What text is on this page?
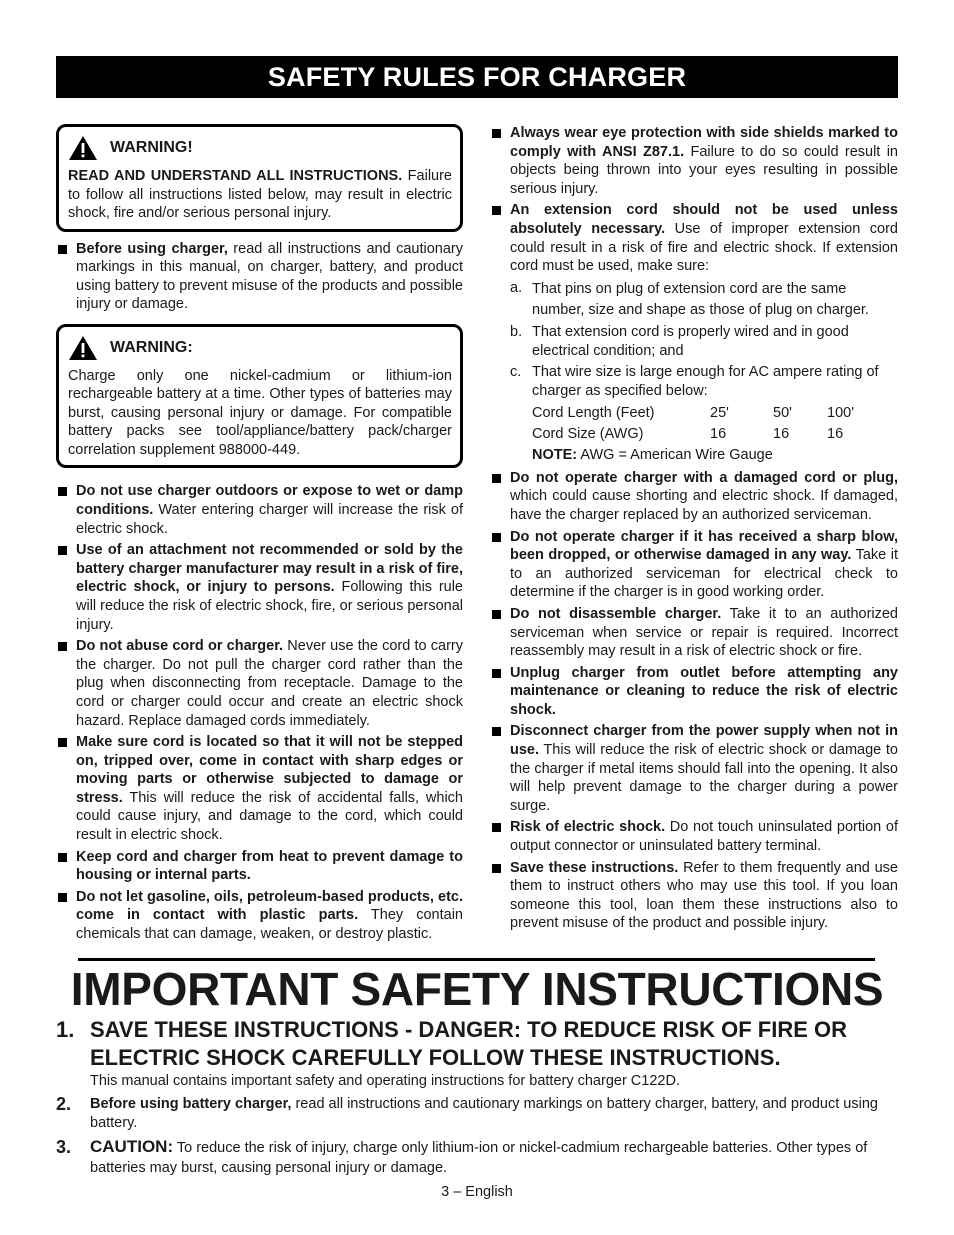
SAFETY RULES FOR CHARGER
WARNING!
READ AND UNDERSTAND ALL INSTRUCTIONS. Failure to follow all instructions listed below, may result in electric shock, fire and/or serious personal injury.
Before using charger, read all instructions and cautionary markings in this manual, on charger, battery, and product using battery to prevent misuse of the products and possible injury or damage.
WARNING:
Charge only one nickel-cadmium or lithium-ion rechargeable battery at a time. Other types of batteries may burst, causing personal injury or damage. For compatible battery packs see tool/appliance/battery pack/charger correlation supplement 988000-449.
Do not use charger outdoors or expose to wet or damp conditions. Water entering charger will increase the risk of electric shock.
Use of an attachment not recommended or sold by the battery charger manufacturer may result in a risk of fire, electric shock, or injury to persons. Following this rule will reduce the risk of electric shock, fire, or serious personal injury.
Do not abuse cord or charger. Never use the cord to carry the charger. Do not pull the charger cord rather than the plug when disconnecting from receptacle. Damage to the cord or charger could occur and create an electric shock hazard. Replace damaged cords immediately.
Make sure cord is located so that it will not be stepped on, tripped over, come in contact with sharp edges or moving parts or otherwise subjected to damage or stress. This will reduce the risk of accidental falls, which could cause injury, and damage to the cord, which could result in electric shock.
Keep cord and charger from heat to prevent damage to housing or internal parts.
Do not let gasoline, oils, petroleum-based products, etc. come in contact with plastic parts. They contain chemicals that can damage, weaken, or destroy plastic.
Always wear eye protection with side shields marked to comply with ANSI Z87.1. Failure to do so could result in objects being thrown into your eyes resulting in possible serious injury.
An extension cord should not be used unless absolutely necessary. Use of improper extension cord could result in a risk of fire and electric shock. If extension cord must be used, make sure:
a. That pins on plug of extension cord are the same number, size and shape as those of plug on charger.
b. That extension cord is properly wired and in good electrical condition; and
c. That wire size is large enough for AC ampere rating of charger as specified below:
Cord Length (Feet)	25'	50'	100'
Cord Size (AWG)	16	16	16
NOTE: AWG = American Wire Gauge
Do not operate charger with a damaged cord or plug, which could cause shorting and electric shock. If damaged, have the charger replaced by an authorized serviceman.
Do not operate charger if it has received a sharp blow, been dropped, or otherwise damaged in any way. Take it to an authorized serviceman for electrical check to determine if the charger is in good working order.
Do not disassemble charger. Take it to an authorized serviceman when service or repair is required. Incorrect reassembly may result in a risk of electric shock or fire.
Unplug charger from outlet before attempting any maintenance or cleaning to reduce the risk of electric shock.
Disconnect charger from the power supply when not in use. This will reduce the risk of electric shock or damage to the charger if metal items should fall into the opening. It also will help prevent damage to the charger during a power surge.
Risk of electric shock. Do not touch uninsulated portion of output connector or uninsulated battery terminal.
Save these instructions. Refer to them frequently and use them to instruct others who may use this tool. If you loan someone this tool, loan them these instructions also to prevent misuse of the product and possible injury.
IMPORTANT SAFETY INSTRUCTIONS
1. SAVE THESE INSTRUCTIONS - DANGER: TO REDUCE RISK OF FIRE OR ELECTRIC SHOCK CAREFULLY FOLLOW THESE INSTRUCTIONS.
This manual contains important safety and operating instructions for battery charger C122D.
2.	Before using battery charger, read all instructions and cautionary markings on battery charger, battery, and product using battery.
3.	CAUTION: To reduce the risk of injury, charge only lithium-ion or nickel-cadmium rechargeable batteries. Other types of batteries may burst, causing personal injury or damage.
3 – English
